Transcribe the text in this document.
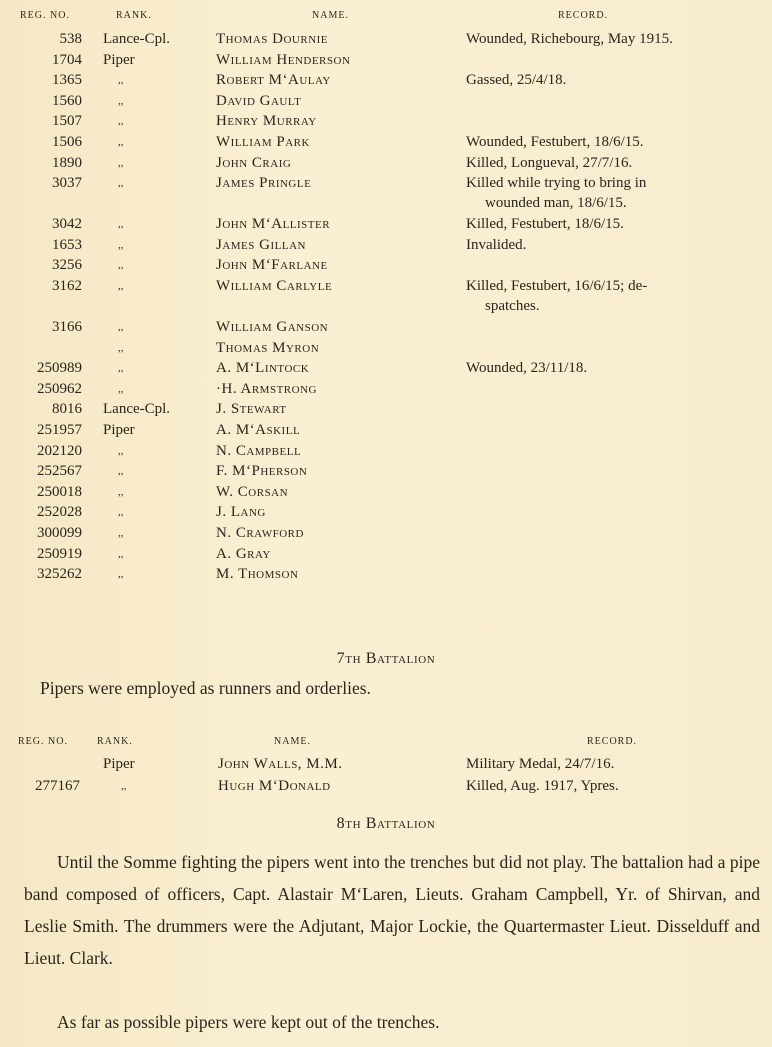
REG. NO.	RANK.	NAME.	RECORD.
538 Lance-Cpl.	Thomas Dournie	Wounded, Richebourg, May 1915.
1704 Piper	William Henderson
1365	,,	Robert M‘Aulay	Gassed, 25/4/18.
1560	,,	David Gault
1507	,,	Henry Murray
1506	,,	William Park	Wounded, Festubert, 18/6/15.
1890	,,	John Craig	Killed, Longueval, 27/7/16.
3037	,,	James Pringle	Killed while trying to bring in
wounded man, 18/6/15.
3042	,,	John M‘Allister	Killed, Festubert, 18/6/15.
1653	,,	James Gillan	Invalided.
3256	,,	John M‘Farlane
3162	,,	William Carlyle	Killed, Festubert, 16/6/15; de-
spatches.
3166	,,	William Ganson
,,	Thomas Myron
250989	,,	A. M‘Lintock	Wounded, 23/11/18.
250962	,,	·H. Armstrong
8016 Lance-Cpl.	J. Stewart
251957 Piper	A. M‘Askill
202120	,,	N. Campbell
252567	,,	F. M‘Pherson
250018	,,	W. Corsan
252028	,,	J. Lang
300099	,,	N. Crawford
250919	,,	A. Gray
325262	,,	M. Thomson
7th Battalion
Pipers were employed as runners and orderlies.
REG. NO.	RANK.	NAME.	RECORD.
Piper	John Walls, M.M.	Military Medal, 24/7/16.
277167	,,	Hugh M‘Donald	Killed, Aug. 1917, Ypres.
8th Battalion
Until the Somme fighting the pipers went into the trenches but did not play. The battalion had a pipe band composed of officers, Capt. Alastair M‘Laren, Lieuts. Graham Campbell, Yr. of Shirvan, and Leslie Smith. The drummers were the Adjutant, Major Lockie, the Quartermaster Lieut. Disselduff and Lieut. Clark.
As far as possible pipers were kept out of the trenches.
